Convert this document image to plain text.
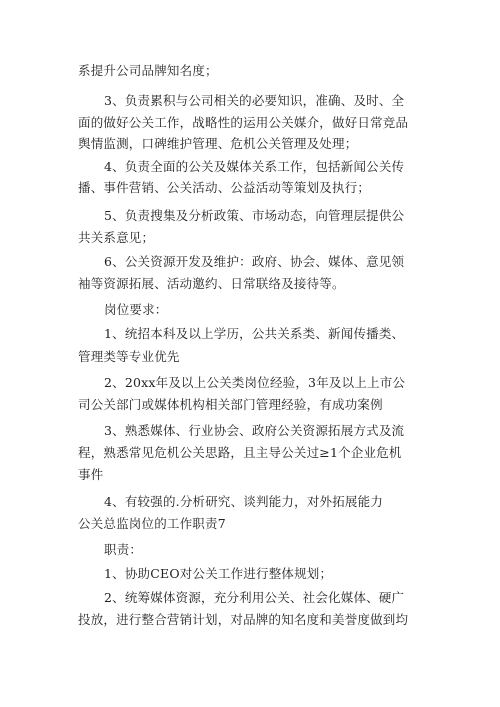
系提升公司品牌知名度；
3、负责累积与公司相关的必要知识，准确、及时、全
面的做好公关工作，战略性的运用公关媒介，做好日常竞品
舆情监测，口碑维护管理、危机公关管理及处理；
4、负责全面的公关及媒体关系工作，包括新闻公关传
播、事件营销、公关活动、公益活动等策划及执行；
5、负责搜集及分析政策、市场动态，向管理层提供公
共关系意见；
6、公关资源开发及维护：政府、协会、媒体、意见领
袖等资源拓展、活动邀约、日常联络及接待等。
岗位要求：
1、统招本科及以上学历，公共关系类、新闻传播类、
管理类等专业优先
2、20xx年及以上公关类岗位经验，3年及以上上市公
司公关部门或媒体机构相关部门管理经验，有成功案例
3、熟悉媒体、行业协会、政府公关资源拓展方式及流
程，熟悉常见危机公关思路，且主导公关过≥1个企业危机
事件
4、有较强的.分析研究、谈判能力，对外拓展能力
公关总监岗位的工作职责7
职责：
1、协助CEO对公关工作进行整体规划；
2、统筹媒体资源，充分利用公关、社会化媒体、硬广
投放，进行整合营销计划，对品牌的知名度和美誉度做到均
